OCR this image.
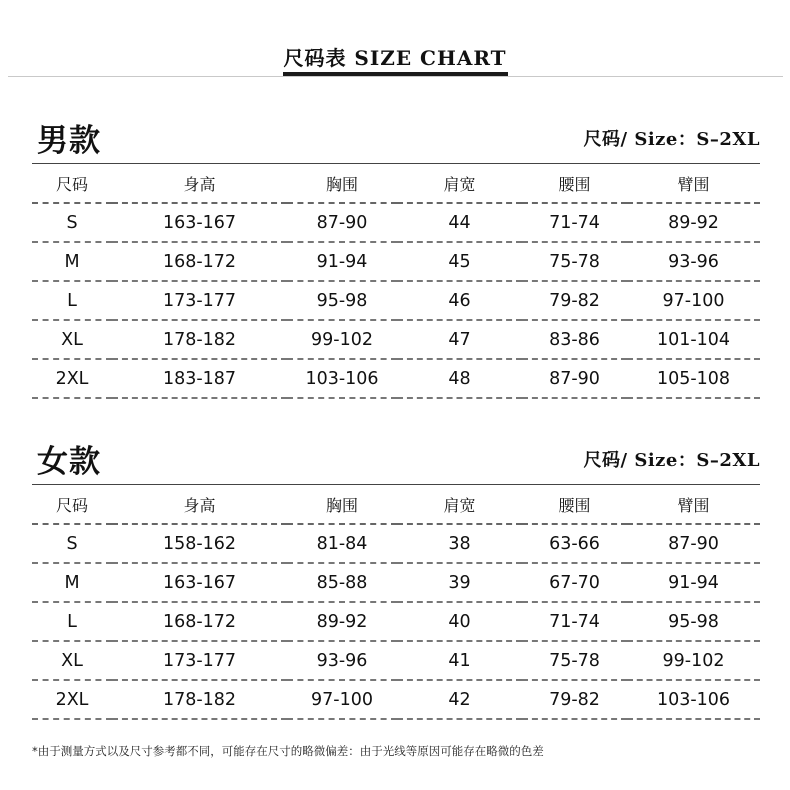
尺码表 SIZE CHART
男款	尺码/ Size：S–2XL
尺码	身高	胸围	肩宽	腰围	臂围
S	163-167	87-90	44	71-74	89-92
M	168-172	91-94	45	75-78	93-96
L	173-177	95-98	46	79-82	97-100
XL	178-182	99-102	47	83-86	101-104
2XL	183-187	103-106	48	87-90	105-108
女款	尺码/ Size：S–2XL
尺码	身高	胸围	肩宽	腰围	臂围
S	158-162	81-84	38	63-66	87-90
M	163-167	85-88	39	67-70	91-94
L	168-172	89-92	40	71-74	95-98
XL	173-177	93-96	41	75-78	99-102
2XL	178-182	97-100	42	79-82	103-106
*由于测量方式以及尺寸参考都不同，可能存在尺寸的略微偏差：由于光线等原因可能存在略微的色差
